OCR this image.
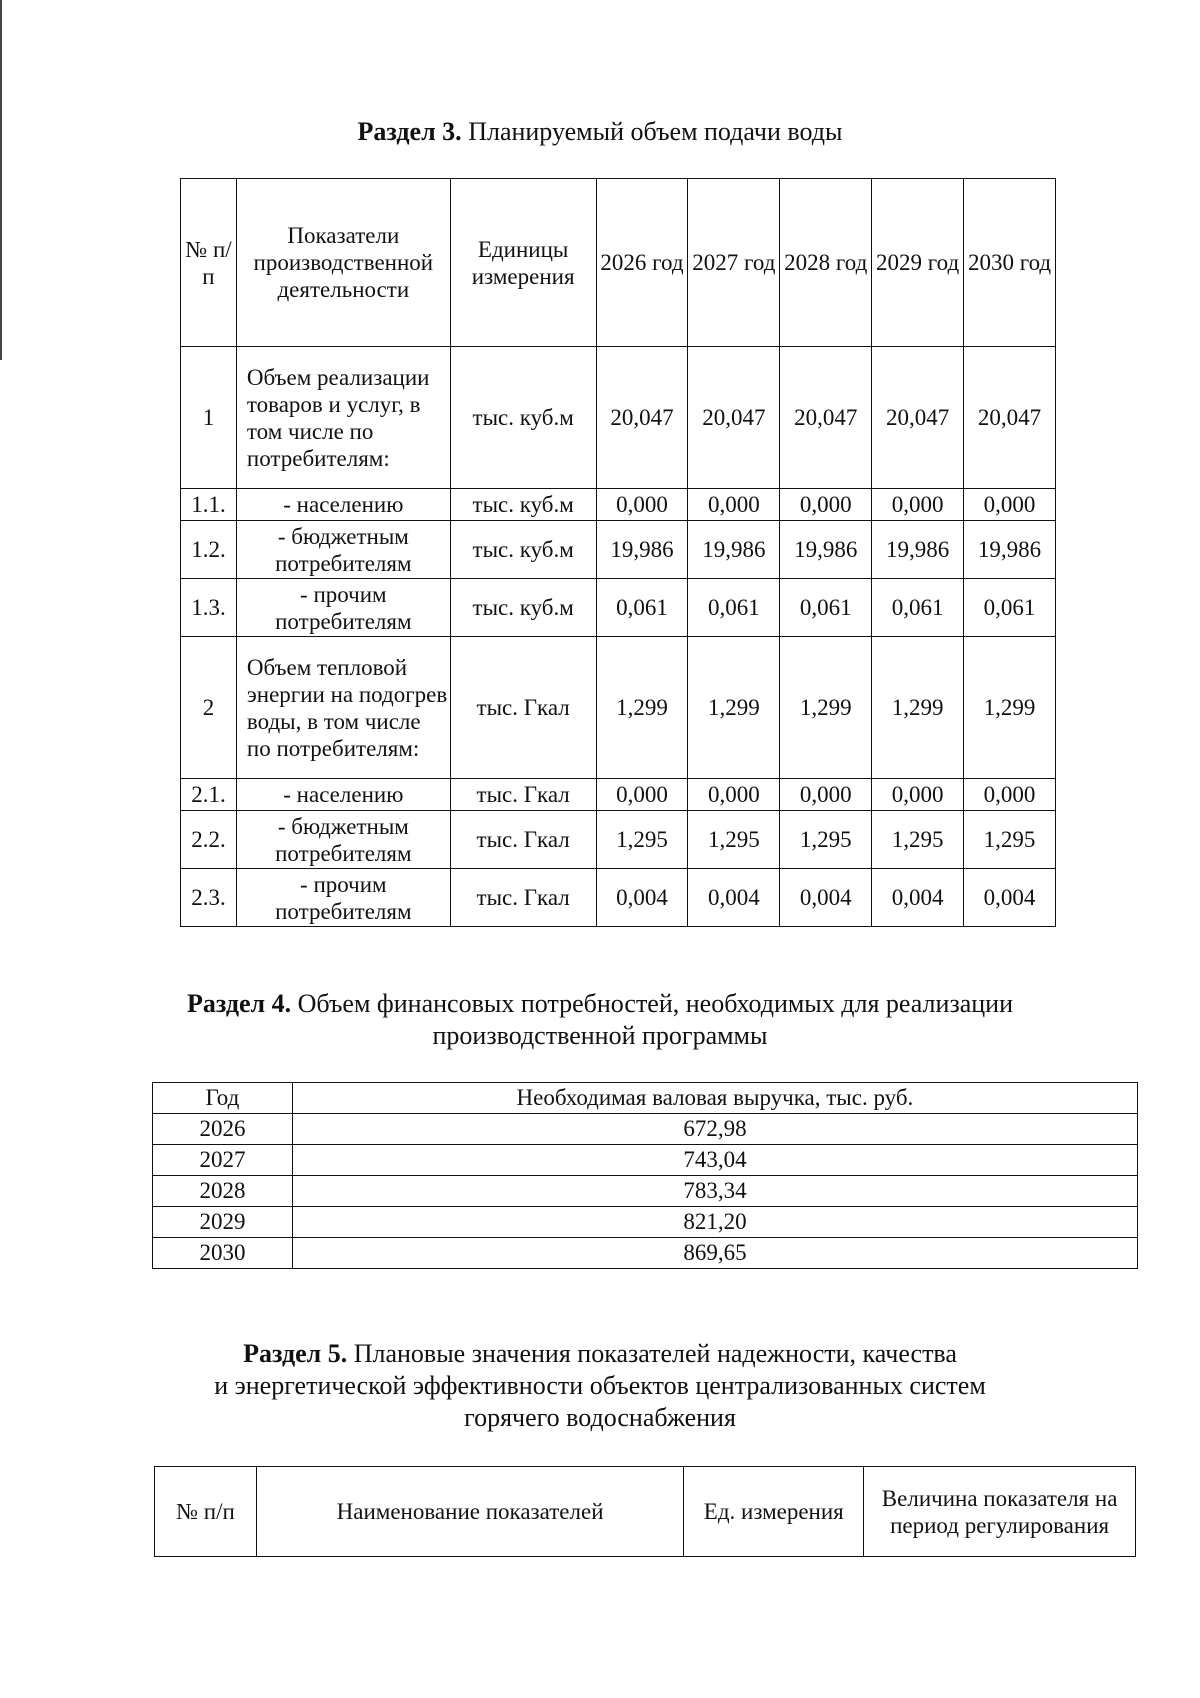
Раздел 3. Планируемый объем подачи воды
№ п/п	Показатели производственной деятельности	Единицы измерения	2026 год	2027 год	2028 год	2029 год	2030 год
1	Объем реализации товаров и услуг, в том числе по потребителям:	тыс. куб.м	20,047	20,047	20,047	20,047	20,047
1.1.	- населению	тыс. куб.м	0,000	0,000	0,000	0,000	0,000
1.2.	- бюджетным потребителям	тыс. куб.м	19,986	19,986	19,986	19,986	19,986
1.3.	- прочим потребителям	тыс. куб.м	0,061	0,061	0,061	0,061	0,061
2	Объем тепловой энергии на подогрев воды, в том числе по потребителям:	тыс. Гкал	1,299	1,299	1,299	1,299	1,299
2.1.	- населению	тыс. Гкал	0,000	0,000	0,000	0,000	0,000
2.2.	- бюджетным потребителям	тыс. Гкал	1,295	1,295	1,295	1,295	1,295
2.3.	- прочим потребителям	тыс. Гкал	0,004	0,004	0,004	0,004	0,004
Раздел 4. Объем финансовых потребностей, необходимых для реализации
производственной программы
Год	Необходимая валовая выручка, тыс. руб.
2026	672,98
2027	743,04
2028	783,34
2029	821,20
2030	869,65
Раздел 5. Плановые значения показателей надежности, качества
и энергетической эффективности объектов централизованных систем
горячего водоснабжения
№ п/п	Наименование показателей	Ед. измерения	Величина показателя на период регулирования
